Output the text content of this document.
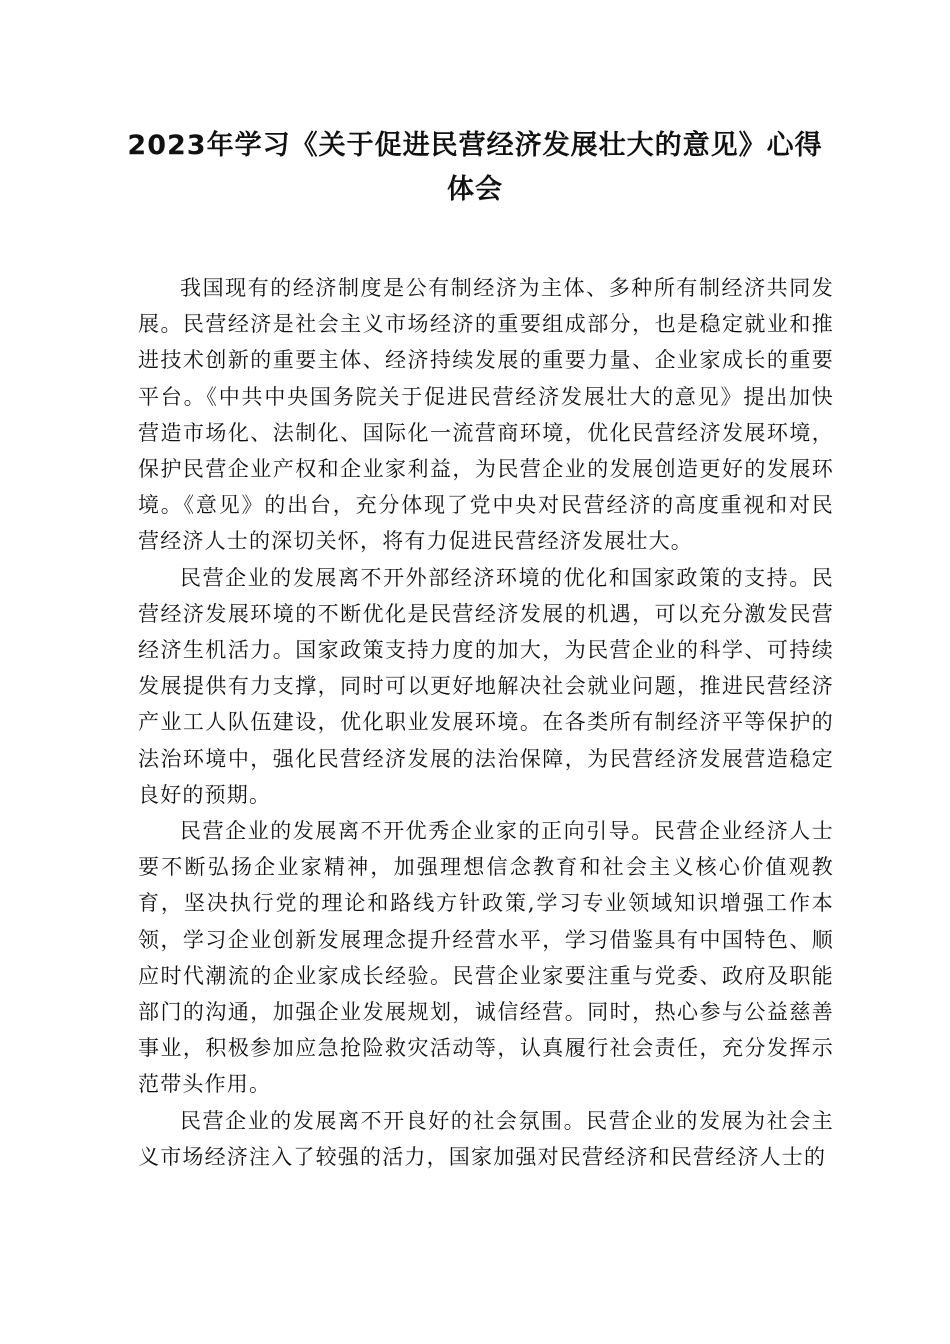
2023年学习《关于促进民营经济发展壮大的意见》心得
体会

我国现有的经济制度是公有制经济为主体、多种所有制经济共同发展。民营经济是社会主义市场经济的重要组成部分，也是稳定就业和推进技术创新的重要主体、经济持续发展的重要力量、企业家成长的重要平台。《中共中央国务院关于促进民营经济发展壮大的意见》提出加快营造市场化、法制化、国际化一流营商环境，优化民营经济发展环境，保护民营企业产权和企业家利益，为民营企业的发展创造更好的发展环境。《意见》的出台，充分体现了党中央对民营经济的高度重视和对民营经济人士的深切关怀，将有力促进民营经济发展壮大。

民营企业的发展离不开外部经济环境的优化和国家政策的支持。民营经济发展环境的不断优化是民营经济发展的机遇，可以充分激发民营经济生机活力。国家政策支持力度的加大，为民营企业的科学、可持续发展提供有力支撑，同时可以更好地解决社会就业问题，推进民营经济产业工人队伍建设，优化职业发展环境。在各类所有制经济平等保护的法治环境中，强化民营经济发展的法治保障，为民营经济发展营造稳定良好的预期。

民营企业的发展离不开优秀企业家的正向引导。民营企业经济人士要不断弘扬企业家精神，加强理想信念教育和社会主义核心价值观教育，坚决执行党的理论和路线方针政策,学习专业领域知识增强工作本领，学习企业创新发展理念提升经营水平，学习借鉴具有中国特色、顺应时代潮流的企业家成长经验。民营企业家要注重与党委、政府及职能部门的沟通，加强企业发展规划，诚信经营。同时，热心参与公益慈善事业，积极参加应急抢险救灾活动等，认真履行社会责任，充分发挥示范带头作用。

民营企业的发展离不开良好的社会氛围。民营企业的发展为社会主义市场经济注入了较强的活力，国家加强对民营经济和民营经济人士的
